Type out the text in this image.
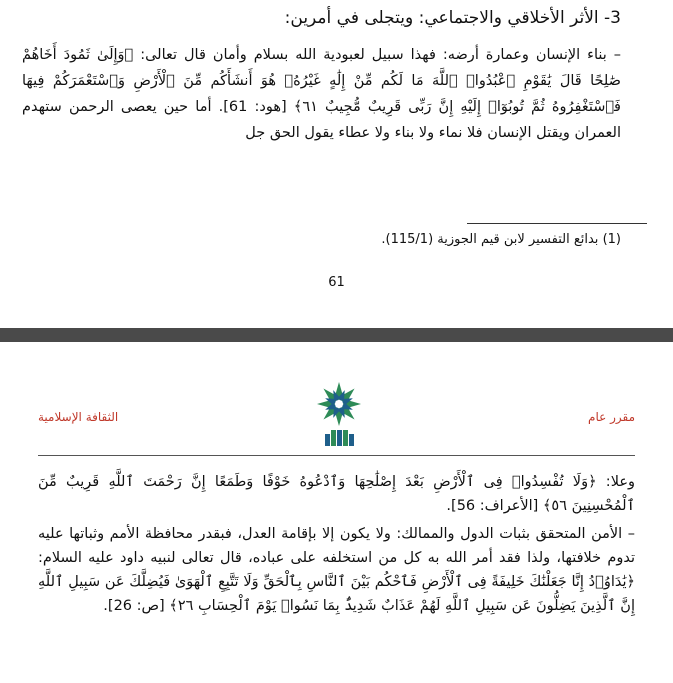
3- الأثر الأخلاقي والاجتماعي: ويتجلى في أمرين:
– بناء الإنسان وعمارة أرضه: فهذا سبيل لعبودية الله بسلام وأمان قال تعالى: ﴿وَإِلَىٰ ثَمُودَ أَخَاهُمْ صَٰلِحًا قَالَ يَٰقَوْمِ ٱعْبُدُوا۟ ٱللَّهَ مَا لَكُم مِّنْ إِلَٰهٍ غَيْرُهُۥ هُوَ أَنشَأَكُم مِّنَ ٱلْأَرْضِ وَٱسْتَعْمَرَكُمْ فِيهَا فَٱسْتَغْفِرُوهُ ثُمَّ تُوبُوٓا۟ إِلَيْهِ إِنَّ رَبِّى قَرِيبٌ مُّجِيبٌ ٦١﴾ [هود: 61]. أما حين يعصى الرحمن ستهدم العمران ويقتل الإنسان فلا نماء ولا بناء ولا عطاء يقول الحق جل
(1) بدائع التفسير لابن قيم الجوزية (115/1).
61
الثقافة الإسلامية	مقرر عام

وعلا: ﴿وَلَا تُفْسِدُوا۟ فِى ٱلْأَرْضِ بَعْدَ إِصْلَٰحِهَا وَٱدْعُوهُ خَوْفًا وَطَمَعًا إِنَّ رَحْمَتَ ٱللَّهِ قَرِيبٌ مِّنَ ٱلْمُحْسِنِينَ ٥٦﴾ [الأعراف: 56].

– الأمن المتحقق بثبات الدول والممالك: ولا يكون إلا بإقامة العدل، فبقدر محافظة الأمم وثباتها عليه تدوم خلافتها، ولذا فقد أمر الله به كل من استخلفه على عباده، قال تعالى لنبيه داود عليه السلام: ﴿يَٰدَاوُۥدُ إِنَّا جَعَلْنَٰكَ خَلِيفَةً فِى ٱلْأَرْضِ فَٱحْكُم بَيْنَ ٱلنَّاسِ بِٱلْحَقِّ وَلَا تَتَّبِعِ ٱلْهَوَىٰ فَيُضِلَّكَ عَن سَبِيلِ ٱللَّهِ إِنَّ ٱلَّذِينَ يَضِلُّونَ عَن سَبِيلِ ٱللَّهِ لَهُمْ عَذَابٌ شَدِيدٌۢ بِمَا نَسُوا۟ يَوْمَ ٱلْحِسَابِ ٢٦﴾ [ص: 26].
